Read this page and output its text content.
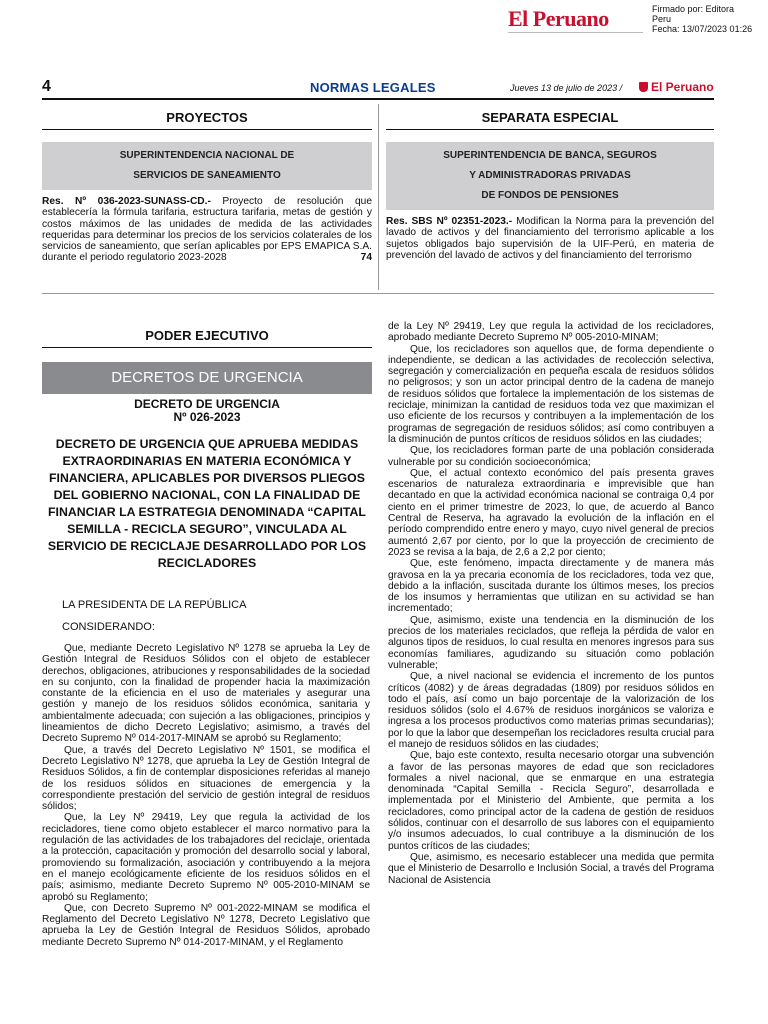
El Peruano	Firmado por: Editora
Peru
Fecha: 13/07/2023 01:26
4	NORMAS LEGALES	Jueves 13 de julio de 2023 /	El Peruano
PROYECTOS
SUPERINTENDENCIA NACIONAL DE
SERVICIOS DE SANEAMIENTO
Res. Nº 036-2023-SUNASS-CD.- Proyecto de resolución que establecería la fórmula tarifaria, estructura tarifaria, metas de gestión y costos máximos de las unidades de medida de las actividades requeridas para determinar los precios de los servicios colaterales de los servicios de saneamiento, que serían aplicables por EPS EMAPICA S.A. durante el periodo regulatorio 2023-2028	74
SEPARATA ESPECIAL
SUPERINTENDENCIA DE BANCA, SEGUROS
Y ADMINISTRADORAS PRIVADAS
DE FONDOS DE PENSIONES
Res. SBS Nº 02351-2023.- Modifican la Norma para la prevención del lavado de activos y del financiamiento del terrorismo aplicable a los sujetos obligados bajo supervisión de la UIF-Perú, en materia de prevención del lavado de activos y del financiamiento del terrorismo
PODER EJECUTIVO
DECRETOS DE URGENCIA
DECRETO DE URGENCIA
Nº 026-2023
DECRETO DE URGENCIA QUE APRUEBA MEDIDAS EXTRAORDINARIAS EN MATERIA ECONÓMICA Y FINANCIERA, APLICABLES POR DIVERSOS PLIEGOS DEL GOBIERNO NACIONAL, CON LA FINALIDAD DE FINANCIAR LA ESTRATEGIA DENOMINADA “CAPITAL SEMILLA - RECICLA SEGURO”, VINCULADA AL SERVICIO DE RECICLAJE DESARROLLADO POR LOS RECICLADORES
LA PRESIDENTA DE LA REPÚBLICA
CONSIDERANDO:

Que, mediante Decreto Legislativo Nº 1278 se aprueba la Ley de Gestión Integral de Residuos Sólidos con el objeto de establecer derechos, obligaciones, atribuciones y responsabilidades de la sociedad en su conjunto, con la finalidad de propender hacia la maximización constante de la eficiencia en el uso de materiales y asegurar una gestión y manejo de los residuos sólidos económica, sanitaria y ambientalmente adecuada; con sujeción a las obligaciones, principios y lineamientos de dicho Decreto Legislativo; asimismo, a través del Decreto Supremo Nº 014-2017-MINAM se aprobó su Reglamento;

Que, a través del Decreto Legislativo Nº 1501, se modifica el Decreto Legislativo Nº 1278, que aprueba la Ley de Gestión Integral de Residuos Sólidos, a fin de contemplar disposiciones referidas al manejo de los residuos sólidos en situaciones de emergencia y la correspondiente prestación del servicio de gestión integral de residuos sólidos;

Que, la Ley Nº 29419, Ley que regula la actividad de los recicladores, tiene como objeto establecer el marco normativo para la regulación de las actividades de los trabajadores del reciclaje, orientada a la protección, capacitación y promoción del desarrollo social y laboral, promoviendo su formalización, asociación y contribuyendo a la mejora en el manejo ecológicamente eficiente de los residuos sólidos en el país; asimismo, mediante Decreto Supremo Nº 005-2010-MINAM se aprobó su Reglamento;

Que, con Decreto Supremo Nº 001-2022-MINAM se modifica el Reglamento del Decreto Legislativo Nº 1278, Decreto Legislativo que aprueba la Ley de Gestión Integral de Residuos Sólidos, aprobado mediante Decreto Supremo Nº 014-2017-MINAM, y el Reglamento

de la Ley Nº 29419, Ley que regula la actividad de los recicladores, aprobado mediante Decreto Supremo Nº 005-2010-MINAM;

Que, los recicladores son aquellos que, de forma dependiente o independiente, se dedican a las actividades de recolección selectiva, segregación y comercialización en pequeña escala de residuos sólidos no peligrosos; y son un actor principal dentro de la cadena de manejo de residuos sólidos que fortalece la implementación de los sistemas de reciclaje, minimizan la cantidad de residuos toda vez que maximizan el uso eficiente de los recursos y contribuyen a la implementación de los programas de segregación de residuos sólidos; así como contribuyen a la disminución de puntos críticos de residuos sólidos en las ciudades;

Que, los recicladores forman parte de una población considerada vulnerable por su condición socioeconómica;

Que, el actual contexto económico del país presenta graves escenarios de naturaleza extraordinaria e imprevisible que han decantado en que la actividad económica nacional se contraiga 0,4 por ciento en el primer trimestre de 2023, lo que, de acuerdo al Banco Central de Reserva, ha agravado la evolución de la inflación en el período comprendido entre enero y mayo, cuyo nivel general de precios aumentó 2,67 por ciento, por lo que la proyección de crecimiento de 2023 se revisa a la baja, de 2,6 a 2,2 por ciento;

Que, este fenómeno, impacta directamente y de manera más gravosa en la ya precaria economía de los recicladores, toda vez que, debido a la inflación, suscitada durante los últimos meses, los precios de los insumos y herramientas que utilizan en su actividad se han incrementado;

Que, asimismo, existe una tendencia en la disminución de los precios de los materiales reciclados, que refleja la pérdida de valor en algunos tipos de residuos, lo cual resulta en menores ingresos para sus economías familiares, agudizando su situación como población vulnerable;

Que, a nivel nacional se evidencia el incremento de los puntos críticos (4082) y de áreas degradadas (1809) por residuos sólidos en todo el país, así como un bajo porcentaje de la valorización de los residuos sólidos (solo el 4.67% de residuos inorgánicos se valoriza e ingresa a los procesos productivos como materias primas secundarias); por lo que la labor que desempeñan los recicladores resulta crucial para el manejo de residuos sólidos en las ciudades;

Que, bajo este contexto, resulta necesario otorgar una subvención a favor de las personas mayores de edad que son recicladores formales a nivel nacional, que se enmarque en una estrategia denominada “Capital Semilla - Recicla Seguro”, desarrollada e implementada por el Ministerio del Ambiente, que permita a los recicladores, como principal actor de la cadena de gestión de residuos sólidos, continuar con el desarrollo de sus labores con el equipamiento y/o insumos adecuados, lo cual contribuye a la disminución de los puntos críticos de las ciudades;

Que, asimismo, es necesario establecer una medida que permita que el Ministerio de Desarrollo e Inclusión Social, a través del Programa Nacional de Asistencia
